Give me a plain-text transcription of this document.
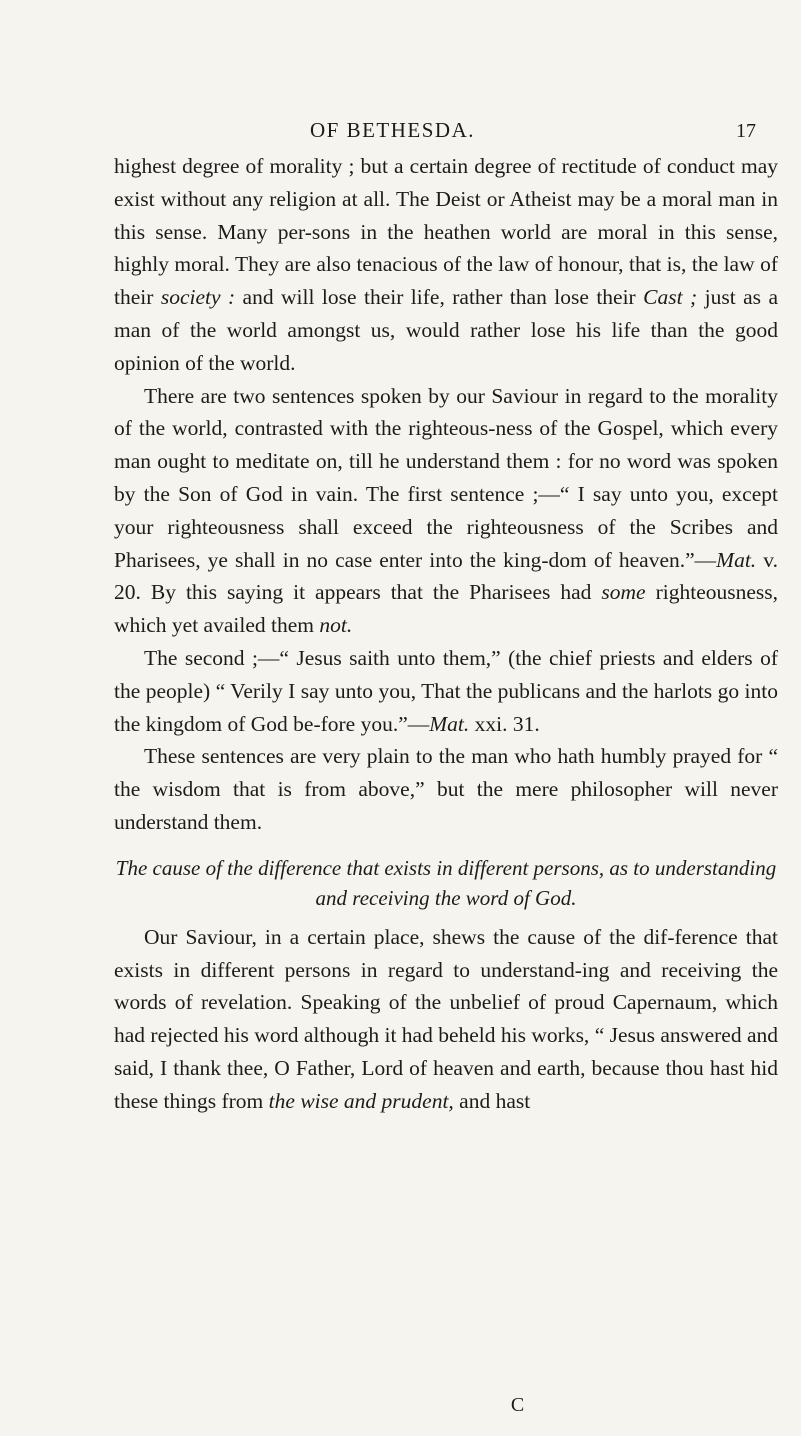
OF BETHESDA.	17

highest degree of morality ; but a certain degree of rectitude of conduct may exist without any religion at all. The Deist or Atheist may be a moral man in this sense. Many per-sons in the heathen world are moral in this sense, highly moral. They are also tenacious of the law of honour, that is, the law of their society : and will lose their life, rather than lose their Cast ; just as a man of the world amongst us, would rather lose his life than the good opinion of the world.

There are two sentences spoken by our Saviour in regard to the morality of the world, contrasted with the righteous-ness of the Gospel, which every man ought to meditate on, till he understand them : for no word was spoken by the Son of God in vain. The first sentence ;—“ I say unto you, except your righteousness shall exceed the righteousness of the Scribes and Pharisees, ye shall in no case enter into the king-dom of heaven.”—Mat. v. 20. By this saying it appears that the Pharisees had some righteousness, which yet availed them not.

The second ;—“ Jesus saith unto them,” (the chief priests and elders of the people) “ Verily I say unto you, That the publicans and the harlots go into the kingdom of God be-fore you.”—Mat. xxi. 31.

These sentences are very plain to the man who hath humbly prayed for “ the wisdom that is from above,” but the mere philosopher will never understand them.

The cause of the difference that exists in different persons, as to understanding and receiving the word of God.

Our Saviour, in a certain place, shews the cause of the dif-ference that exists in different persons in regard to understand-ing and receiving the words of revelation. Speaking of the unbelief of proud Capernaum, which had rejected his word although it had beheld his works, “ Jesus answered and said, I thank thee, O Father, Lord of heaven and earth, because thou hast hid these things from the wise and prudent, and hast

C
